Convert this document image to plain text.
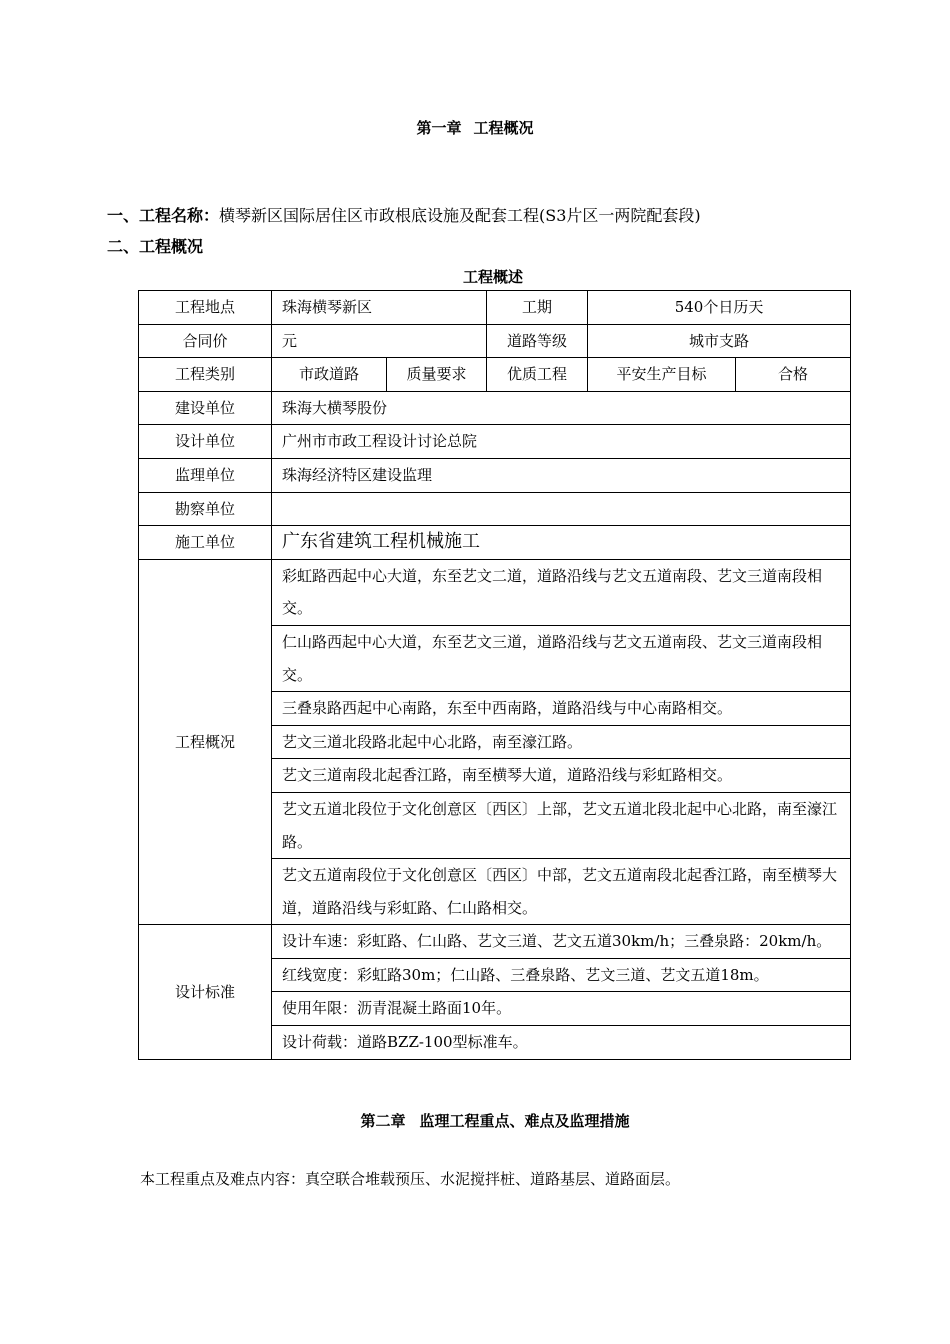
第一章 工程概况
一、工程名称：横琴新区国际居住区市政根底设施及配套工程(S3片区一两院配套段)
二、工程概况
工程概述
工程地点	珠海横琴新区		工期	540个日历天	
合同价	元		道路等级	城市支路	
工程类别	市政道路	质量要求	优质工程	平安生产目标	合格
建设单位	珠海大横琴股份				
设计单位	广州市市政工程设计讨论总院				
监理单位	珠海经济特区建设监理				
勘察单位					
施工单位	广东省建筑工程机械施工				
工程概况	彩虹路西起中心大道，东至艺文二道，道路沿线与艺文五道南段、艺文三道南段相交。				
	仁山路西起中心大道，东至艺文三道，道路沿线与艺文五道南段、艺文三道南段相交。				
	三叠泉路西起中心南路，东至中西南路，道路沿线与中心南路相交。				
	艺文三道北段路北起中心北路，南至濠江路。				
	艺文三道南段北起香江路，南至横琴大道，道路沿线与彩虹路相交。				
	艺文五道北段位于文化创意区〔西区〕上部，艺文五道北段北起中心北路，南至濠江路。				
	艺文五道南段位于文化创意区〔西区〕中部，艺文五道南段北起香江路，南至横琴大道，道路沿线与彩虹路、仁山路相交。				
设计标准	设计车速：彩虹路、仁山路、艺文三道、艺文五道30km/h；三叠泉路：20km/h。				
	红线宽度：彩虹路30m；仁山路、三叠泉路、艺文三道、艺文五道18m。				
	使用年限：沥青混凝土路面10年。				
	设计荷载：道路BZZ-100型标准车。				
第二章 监理工程重点、难点及监理措施
本工程重点及难点内容：真空联合堆载预压、水泥搅拌桩、道路基层、道路面层。
